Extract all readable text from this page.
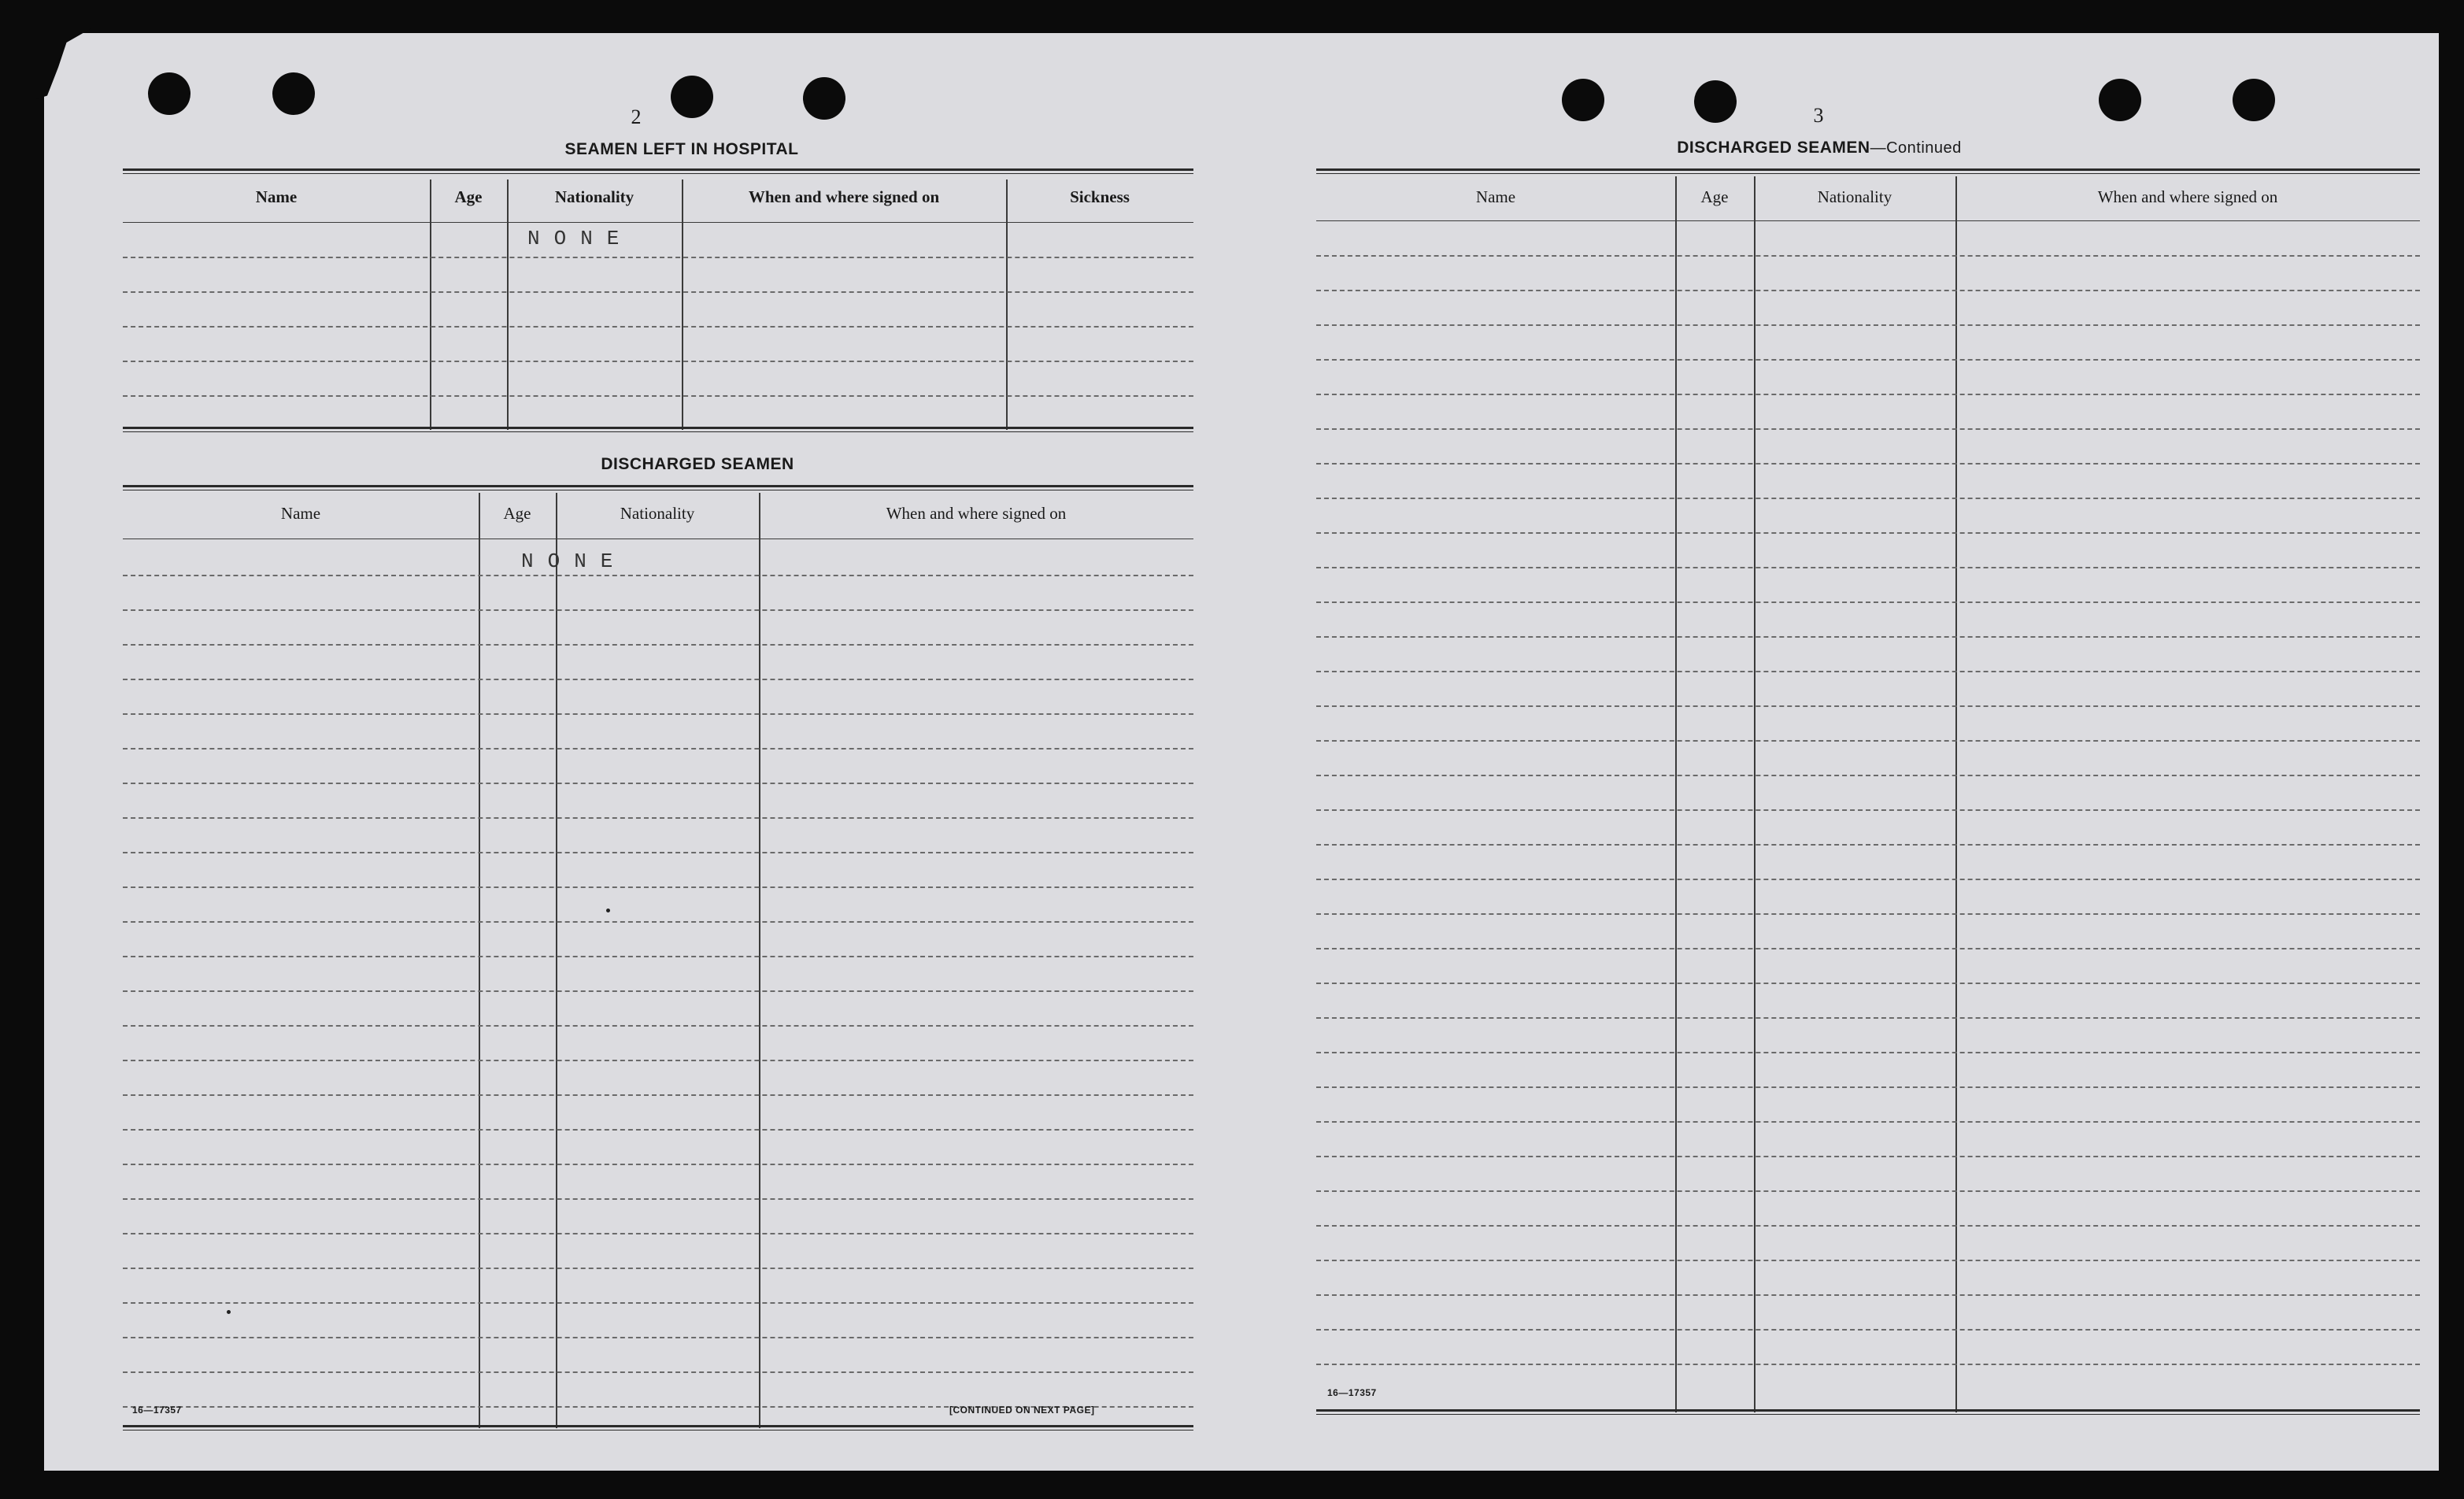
2
SEAMEN LEFT IN HOSPITAL
Name	Age	Nationality	When and where signed on	Sickness
NONE
DISCHARGED SEAMEN
Name	Age	Nationality	When and where signed on
NONE
16—17357	[CONTINUED ON NEXT PAGE]
3
DISCHARGED SEAMEN—Continued
Name	Age	Nationality	When and where signed on
16—17357
